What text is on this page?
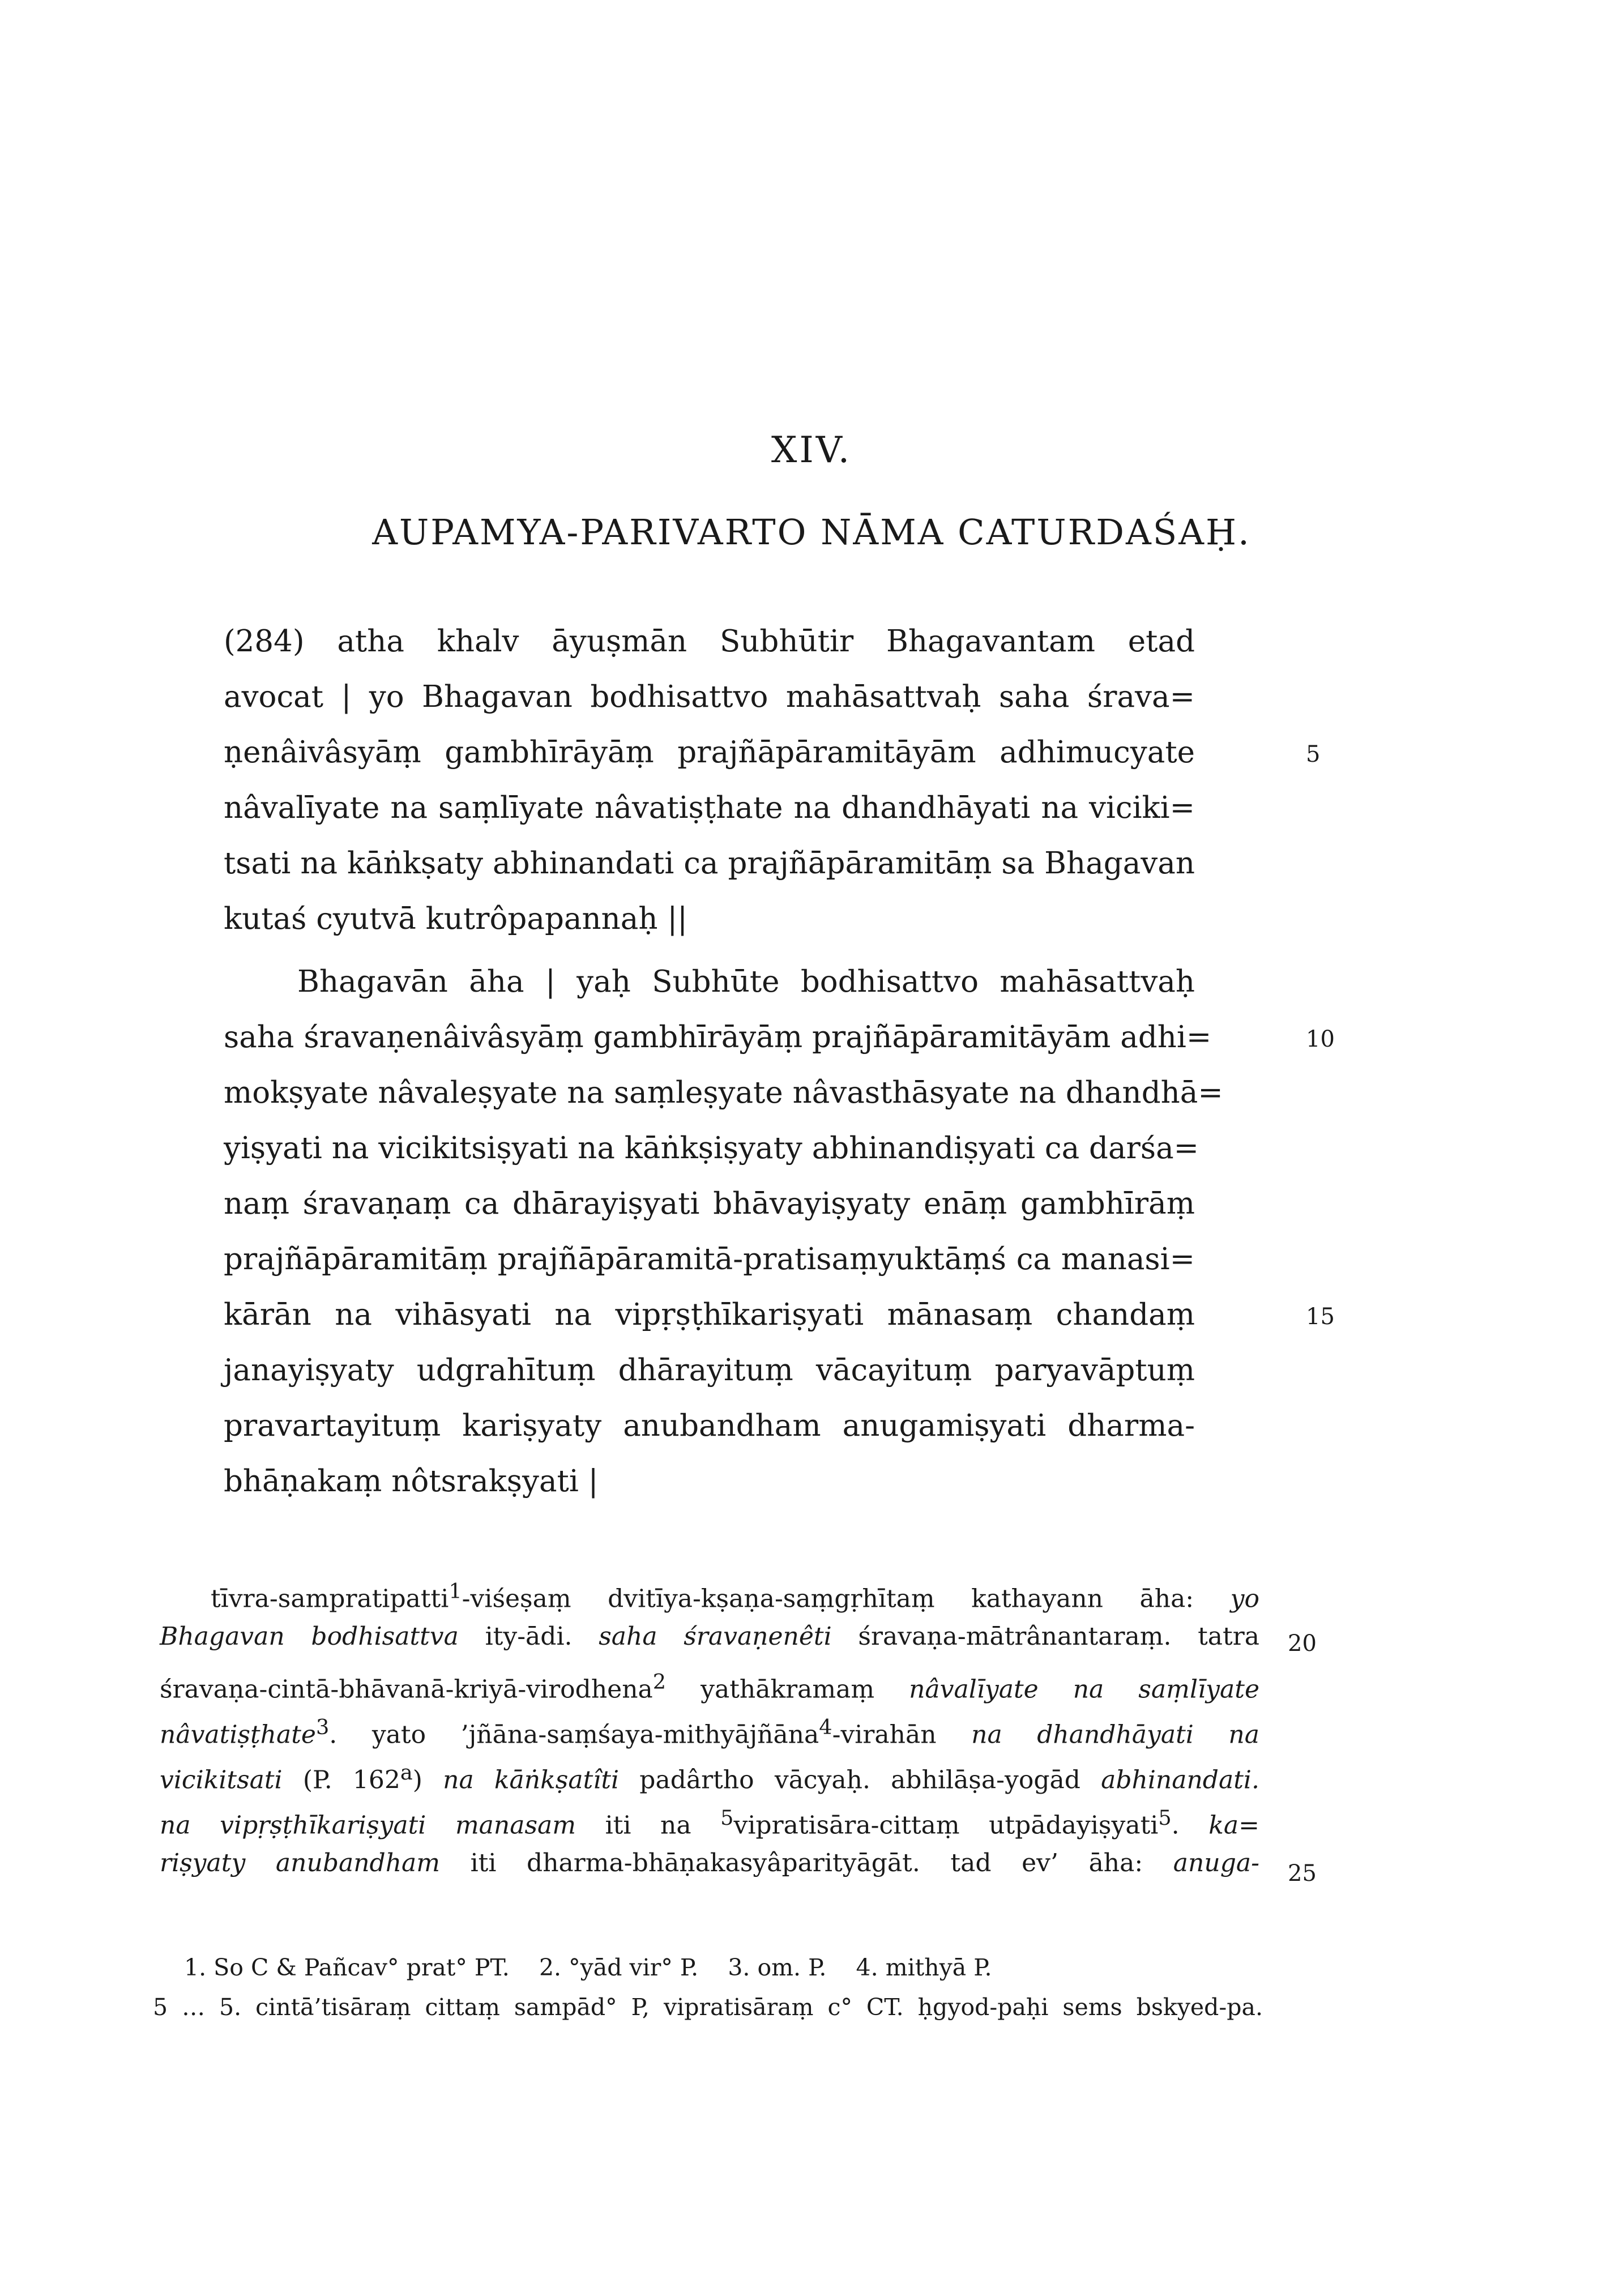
XIV.
AUPAMYA-PARIVARTO NĀMA CATURDAŚAḤ.
(284) atha khalv āyuṣmān Subhūtir Bhagavantam etad
avocat | yo Bhagavan bodhisattvo mahāsattvaḥ saha śrava=
ṇenâivâsyāṃ gambhīrāyāṃ prajñāpāramitāyām adhimucyate
nâvalīyate na saṃlīyate nâvatiṣṭhate na dhandhāyati na viciki=
tsati na kāṅkṣaty abhinandati ca prajñāpāramitāṃ sa Bhagavan
kutaś cyutvā kutrôpapannaḥ ||
Bhagavān āha | yaḥ Subhūte bodhisattvo mahāsattvaḥ
saha śravaṇenâivâsyāṃ gambhīrāyāṃ prajñāpāramitāyām adhi=
mokṣyate nâvaleṣyate na saṃleṣyate nâvasthāsyate na dhandhā=
yiṣyati na vicikitsiṣyati na kāṅkṣiṣyaty abhinandiṣyati ca darśa=
naṃ śravaṇaṃ ca dhārayiṣyati bhāvayiṣyaty enāṃ gambhīrāṃ
prajñāpāramitāṃ prajñāpāramitā-pratisaṃyuktāṃś ca manasi=
kārān na vihāsyati na vipṛṣṭhīkariṣyati mānasaṃ chandaṃ
janayiṣyaty udgrahītuṃ dhārayituṃ vācayituṃ paryavāptuṃ
pravartayituṃ kariṣyaty anubandham anugamiṣyati dharma-
bhāṇakaṃ nôtsrakṣyati |
5
10
15
tīvra-sampratipatti$^1$-viśeṣaṃ dvitīya-kṣaṇa-saṃgṛhītaṃ kathayann āha: yo
Bhagavan bodhisattva ity-ādi. saha śravaṇenêti śravaṇa-mātrânantaraṃ. tatra
śravaṇa-cintā-bhāvanā-kriyā-virodhena$^2$ yathākramaṃ nâvalīyate na saṃlīyate
nâvatiṣṭhate$^3$. yato ’jñāna-saṃśaya-mithyājñāna$^4$-virahān na dhandhāyati na
vicikitsati (P. 162$^a$) na kāṅkṣatîti padârtho vācyaḥ. abhilāṣa-yogād abhinandati.
na vipṛṣṭhīkariṣyati manasam iti na $^5$vipratisāra-cittaṃ utpādayiṣyati$^5$. ka=
riṣyaty anubandham iti dharma-bhāṇakasyâparityāgāt. tad ev’ āha: anuga-
20
25
1. So C & Pañcav° prat° PT.    2. °yād vir° P.    3. om. P.    4. mithyā P.
5 … 5. cintā’tisāraṃ cittaṃ sampād° P, vipratisāraṃ c° CT. ḥgyod-paḥi sems bskyed-pa.
